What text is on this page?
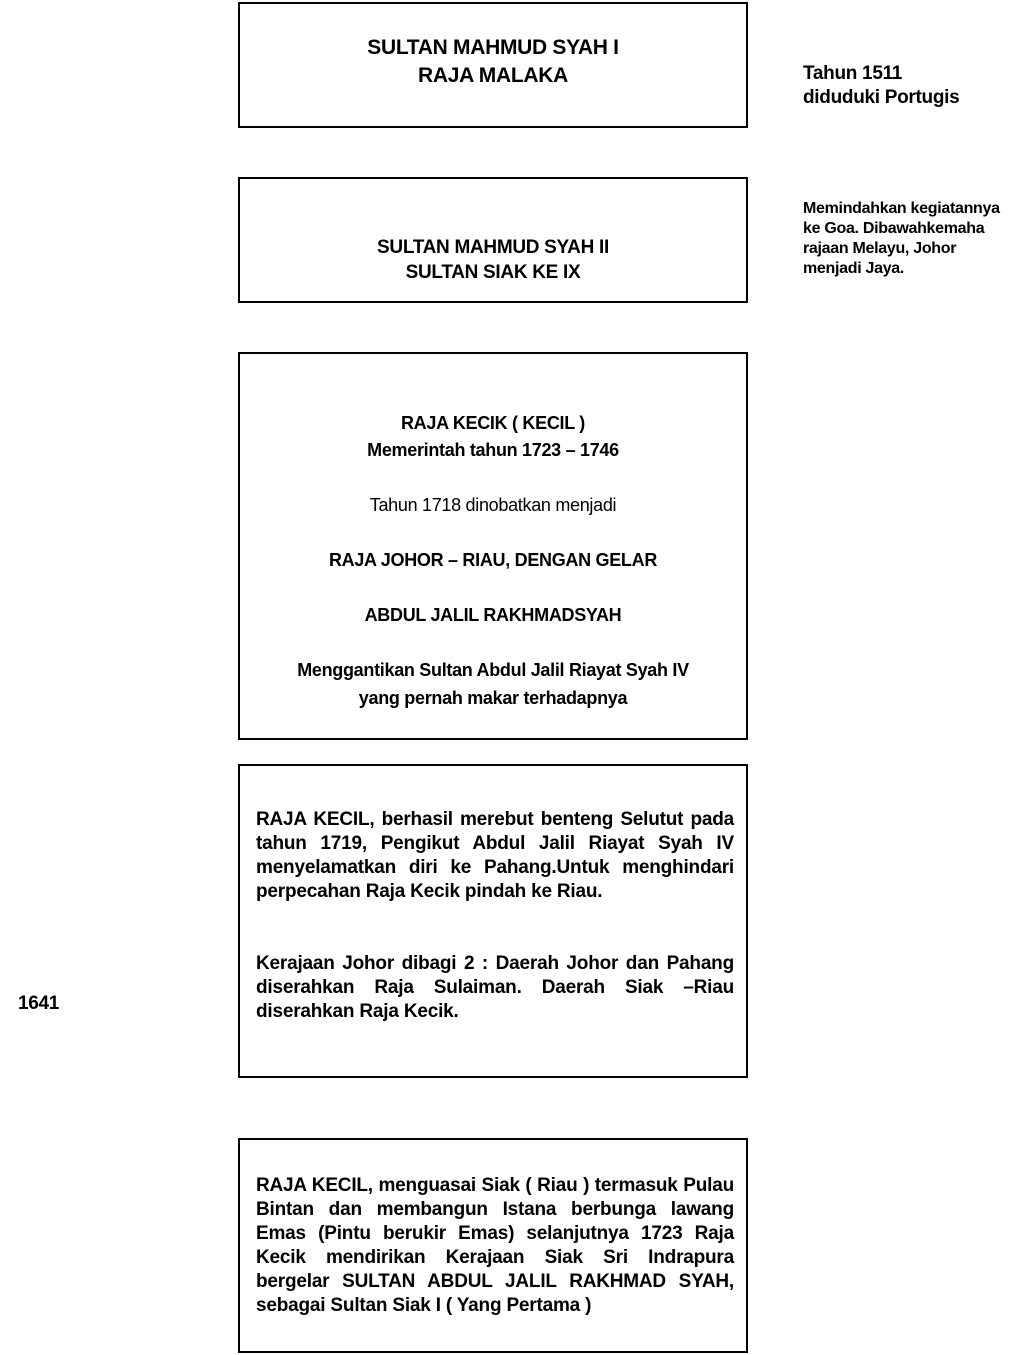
SULTAN MAHMUD SYAH I
RAJA MALAKA
SULTAN MAHMUD SYAH II
SULTAN SIAK KE IX
RAJA KECIK ( KECIL )
Memerintah tahun 1723 – 1746
Tahun 1718 dinobatkan menjadi
RAJA JOHOR – RIAU, DENGAN GELAR
ABDUL JALIL RAKHMADSYAH
Menggantikan Sultan Abdul Jalil Riayat Syah IV
yang pernah makar terhadapnya
RAJA KECIL, berhasil merebut benteng Selutut pada tahun 1719, Pengikut Abdul Jalil Riayat Syah IV menyelamatkan diri ke Pahang.Untuk menghindari perpecahan Raja Kecik pindah ke Riau.
Kerajaan Johor dibagi 2 : Daerah Johor dan Pahang diserahkan Raja Sulaiman. Daerah Siak –Riau diserahkan Raja Kecik.
RAJA KECIL, menguasai Siak ( Riau ) termasuk Pulau Bintan dan membangun Istana berbunga lawang Emas (Pintu berukir Emas) selanjutnya 1723 Raja Kecik mendirikan Kerajaan Siak Sri Indrapura bergelar SULTAN ABDUL JALIL RAKHMAD SYAH, sebagai Sultan Siak I ( Yang Pertama )
Tahun 1511
diduduki Portugis
Memindahkan kegiatannya ke Goa. Dibawahkemaha rajaan Melayu, Johor menjadi Jaya.
1641
